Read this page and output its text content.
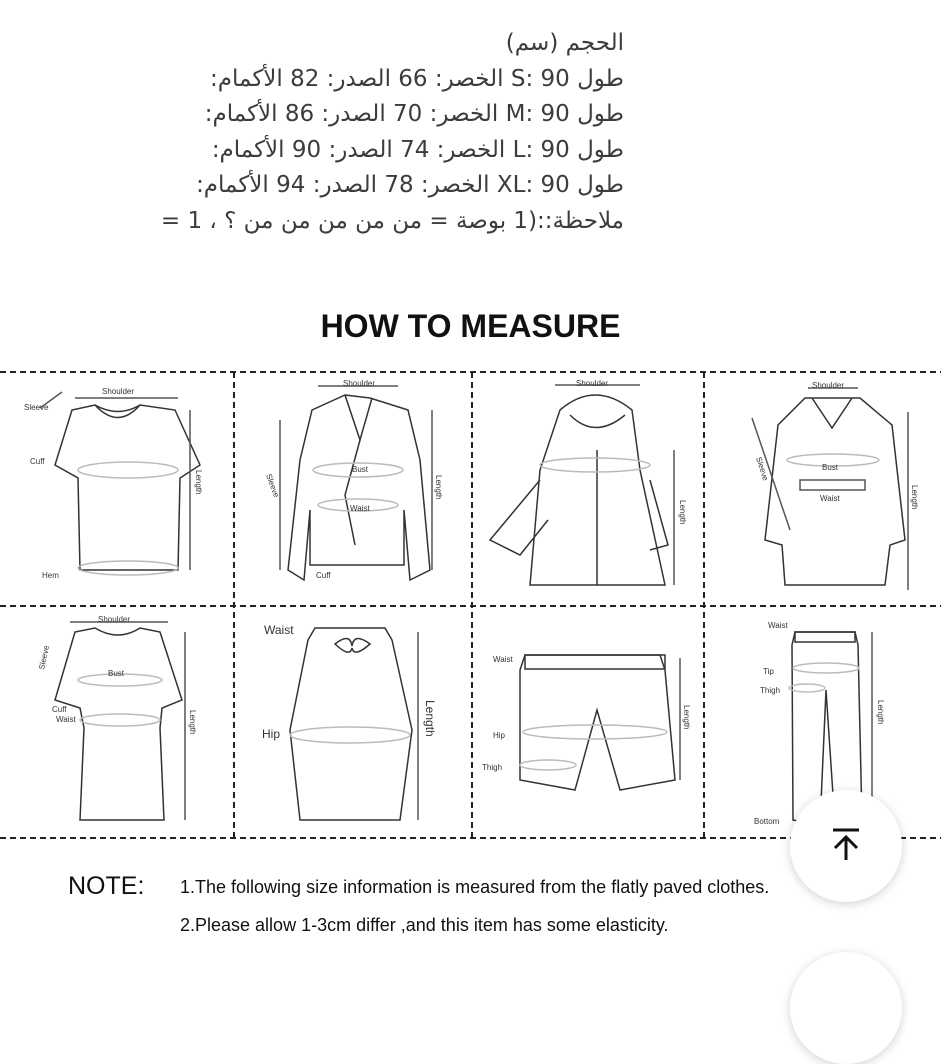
الحجم (سم)
طول 90 :S الخصر: 66 الصدر: 82 الأكمام:
طول 90 :M الخصر: 70 الصدر: 86 الأكمام:
طول 90 :L الخصر: 74 الصدر: 90 الأكمام:
طول 90 :XL الخصر: 78 الصدر: 94 الأكمام:
ملاحظة::(1 بوصة = من من من من من ؟ ، 1 =
HOW TO MEASURE
Shoulder
Sleeve
Cuff
Hem
Length
Shoulder
Bust
Waist
Cuff
Sleeve	Length
Shoulder
Length
Shoulder
Bust
Waist
Sleeve
Length
Shoulder
Bust
Cuff
Waist
Sleeve
Length
Waist
Hip	Length
Waist
Hip
Thigh
Length
Waist
Tip
Thigh
Bottom
Length
NOTE: 1.The following size information is measured from the flatly paved clothes.
2.Please allow 1-3cm differ ,and this item has some elasticity.
